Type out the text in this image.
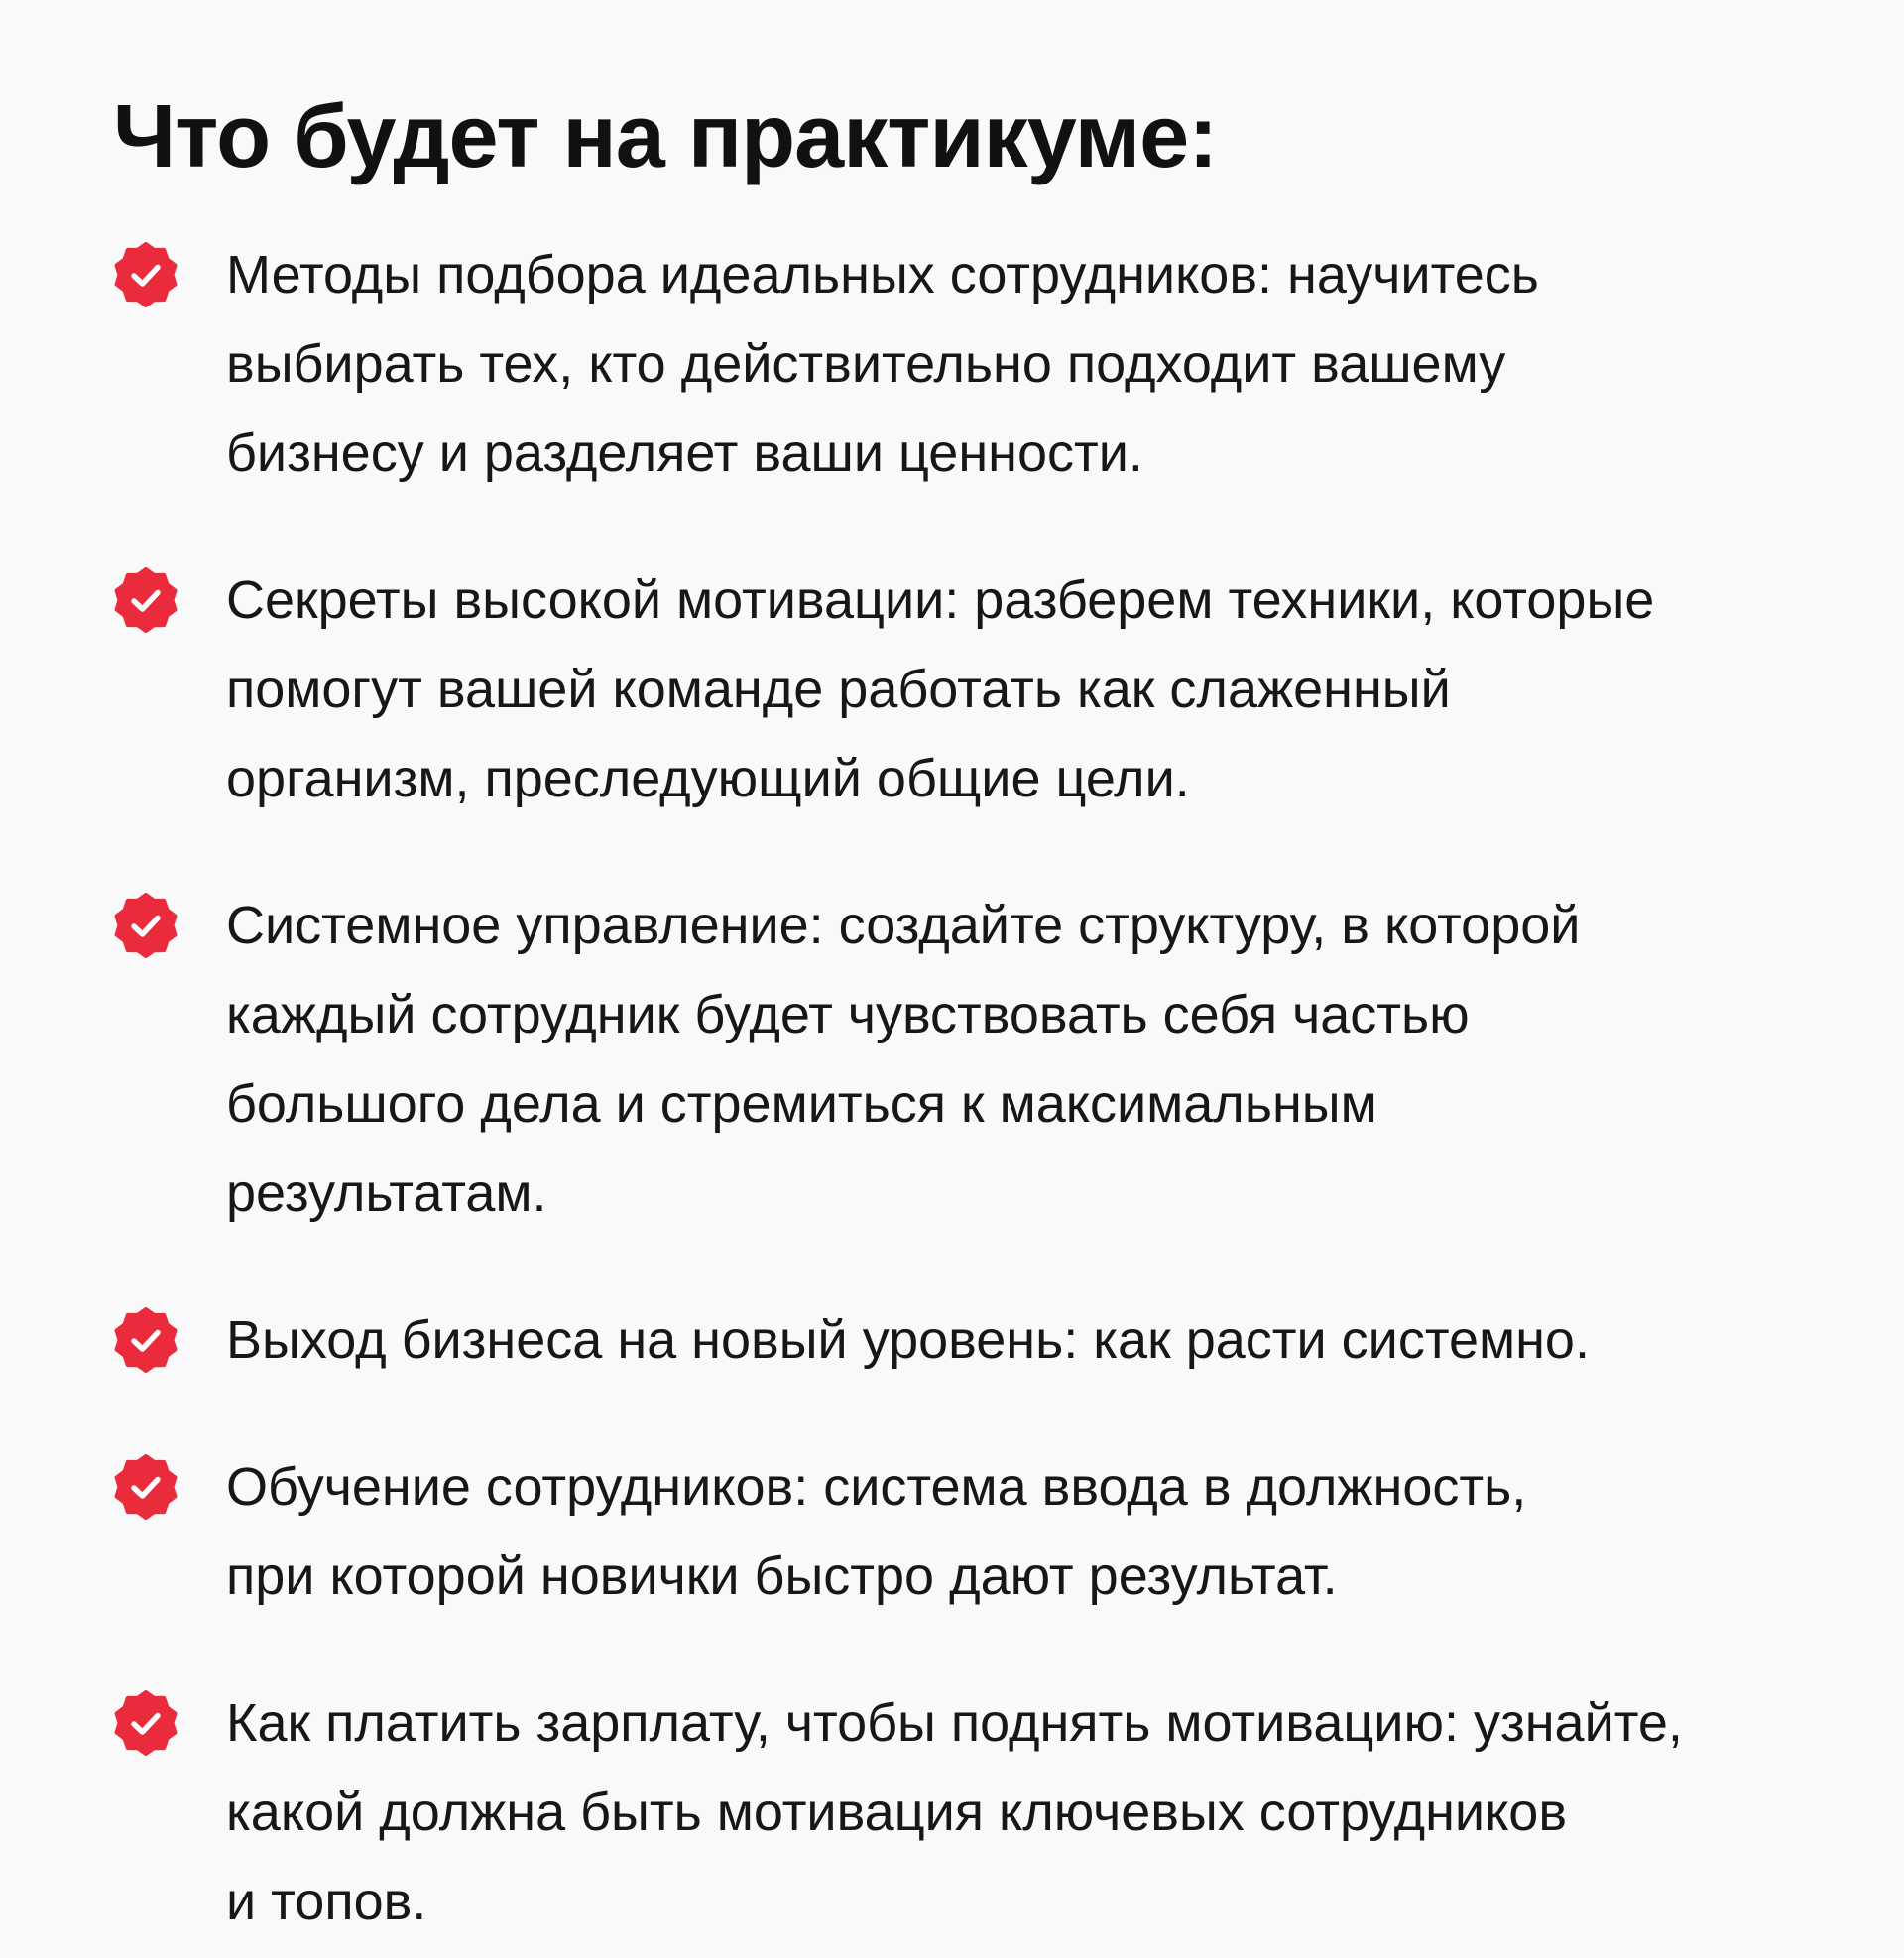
Что будет на практикуме:
Методы подбора идеальных сотрудников: научитесь
выбирать тех, кто действительно подходит вашему
бизнесу и разделяет ваши ценности.
Секреты высокой мотивации: разберем техники, которые
помогут вашей команде работать как слаженный
организм, преследующий общие цели.
Системное управление: создайте структуру, в которой
каждый сотрудник будет чувствовать себя частью
большого дела и стремиться к максимальным
результатам.
Выход бизнеса на новый уровень: как расти системно.
Обучение сотрудников: система ввода в должность,
при которой новички быстро дают результат.
Как платить зарплату, чтобы поднять мотивацию: узнайте,
какой должна быть мотивация ключевых сотрудников
и топов.
